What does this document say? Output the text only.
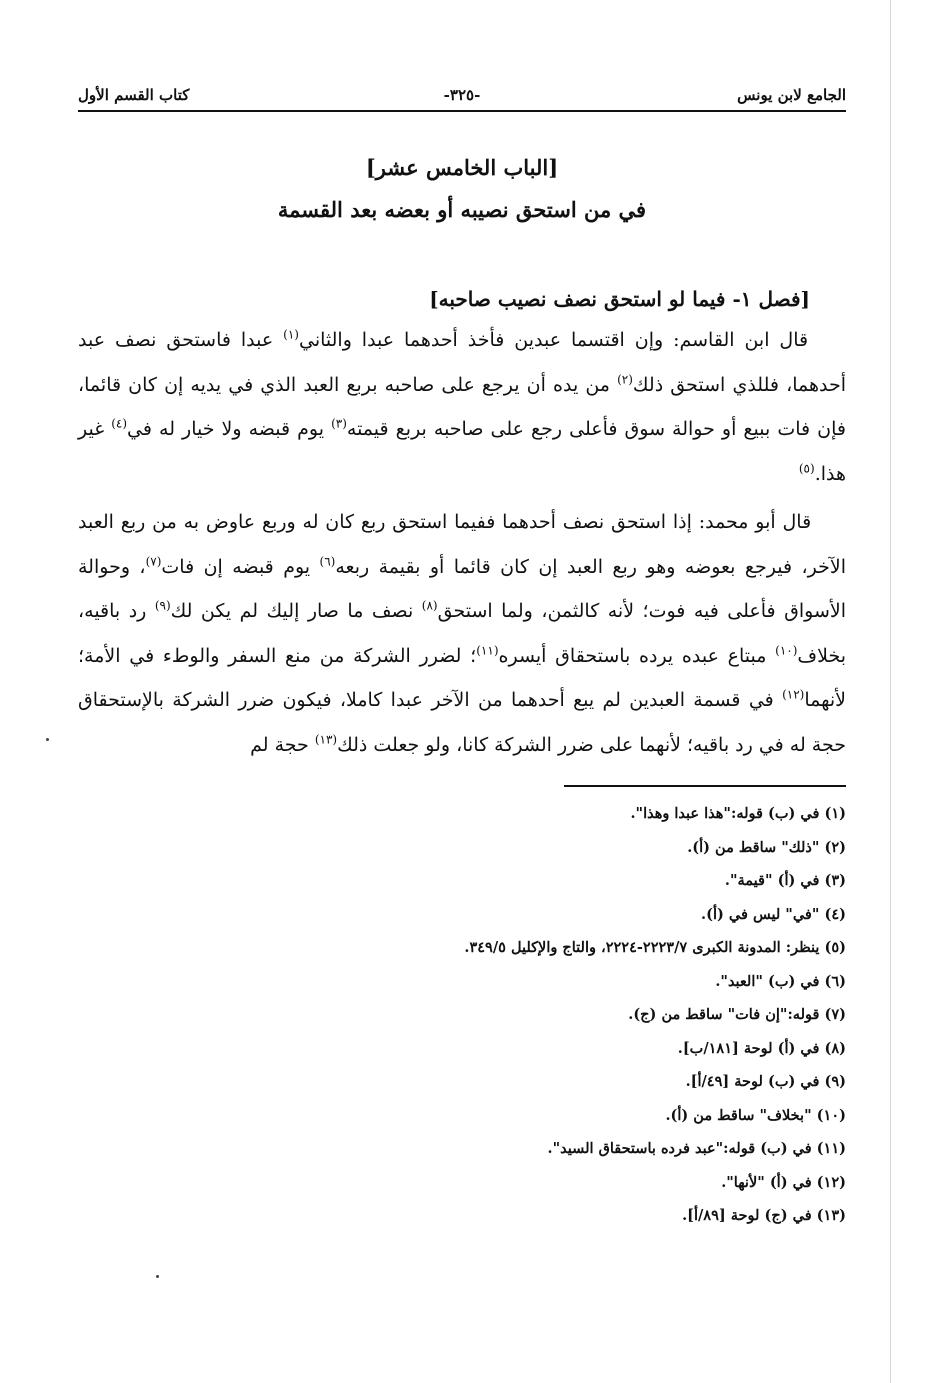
الجامع لابن يونس
-٣٢٥-
كتاب القسم الأول
[الباب الخامس عشر]
في من استحق نصيبه أو بعضه بعد القسمة
[فصل ١- فيما لو استحق نصف نصيب صاحبه]

قال ابن القاسم: وإن اقتسما عبدين فأخذ أحدهما عبدا والثاني$^{(١)}$ عبدا فاستحق نصف عبد أحدهما، فللذي استحق ذلك$^{(٢)}$ من يده أن يرجع على صاحبه بربع العبد الذي في يديه إن كان قائما، فإن فات ببيع أو حوالة سوق فأعلى رجع على صاحبه بربع قيمته$^{(٣)}$ يوم قبضه ولا خيار له في$^{(٤)}$ غير هذا.$^{(٥)}$

قال أبو محمد: إذا استحق نصف أحدهما ففيما استحق ربع كان له وربع عاوض به من ربع العبد الآخر، فيرجع بعوضه وهو ربع العبد إن كان قائما أو بقيمة ربعه$^{(٦)}$ يوم قبضه إن فات$^{(٧)}$، وحوالة الأسواق فأعلى فيه فوت؛ لأنه كالثمن، ولما استحق$^{(٨)}$ نصف ما صار إليك لم يكن لك$^{(٩)}$ رد باقيه، بخلاف$^{(١٠)}$ مبتاع عبده يرده باستحقاق أيسره$^{(١١)}$؛ لضرر الشركة من منع السفر والوطء في الأمة؛ لأنهما$^{(١٢)}$ في قسمة العبدين لم يبع أحدهما من الآخر عبدا كاملا، فيكون ضرر الشركة بالإستحقاق حجة له في رد باقيه؛ لأنهما على ضرر الشركة كانا، ولو جعلت ذلك$^{(١٣)}$ حجة لم

(١) في (ب) قوله:"هذا عبدا وهذا".
(٢) "ذلك" ساقط من (أ).
(٣) في (أ) "قيمة".
(٤) "في" ليس في (أ).
(٥) ينظر: المدونة الكبرى ٢٢٢٣/٧-٢٢٢٤، والتاج والإكليل ٣٤٩/٥.
(٦) في (ب) "العبد".
(٧) قوله:"إن فات" ساقط من (ج).
(٨) في (أ) لوحة [١٨١/ب].
(٩) في (ب) لوحة [٤٩/أ].
(١٠) "بخلاف" ساقط من (أ).
(١١) في (ب) قوله:"عبد فرده باستحقاق السيد".
(١٢) في (أ) "لأنها".
(١٣) في (ج) لوحة [٨٩/أ].
